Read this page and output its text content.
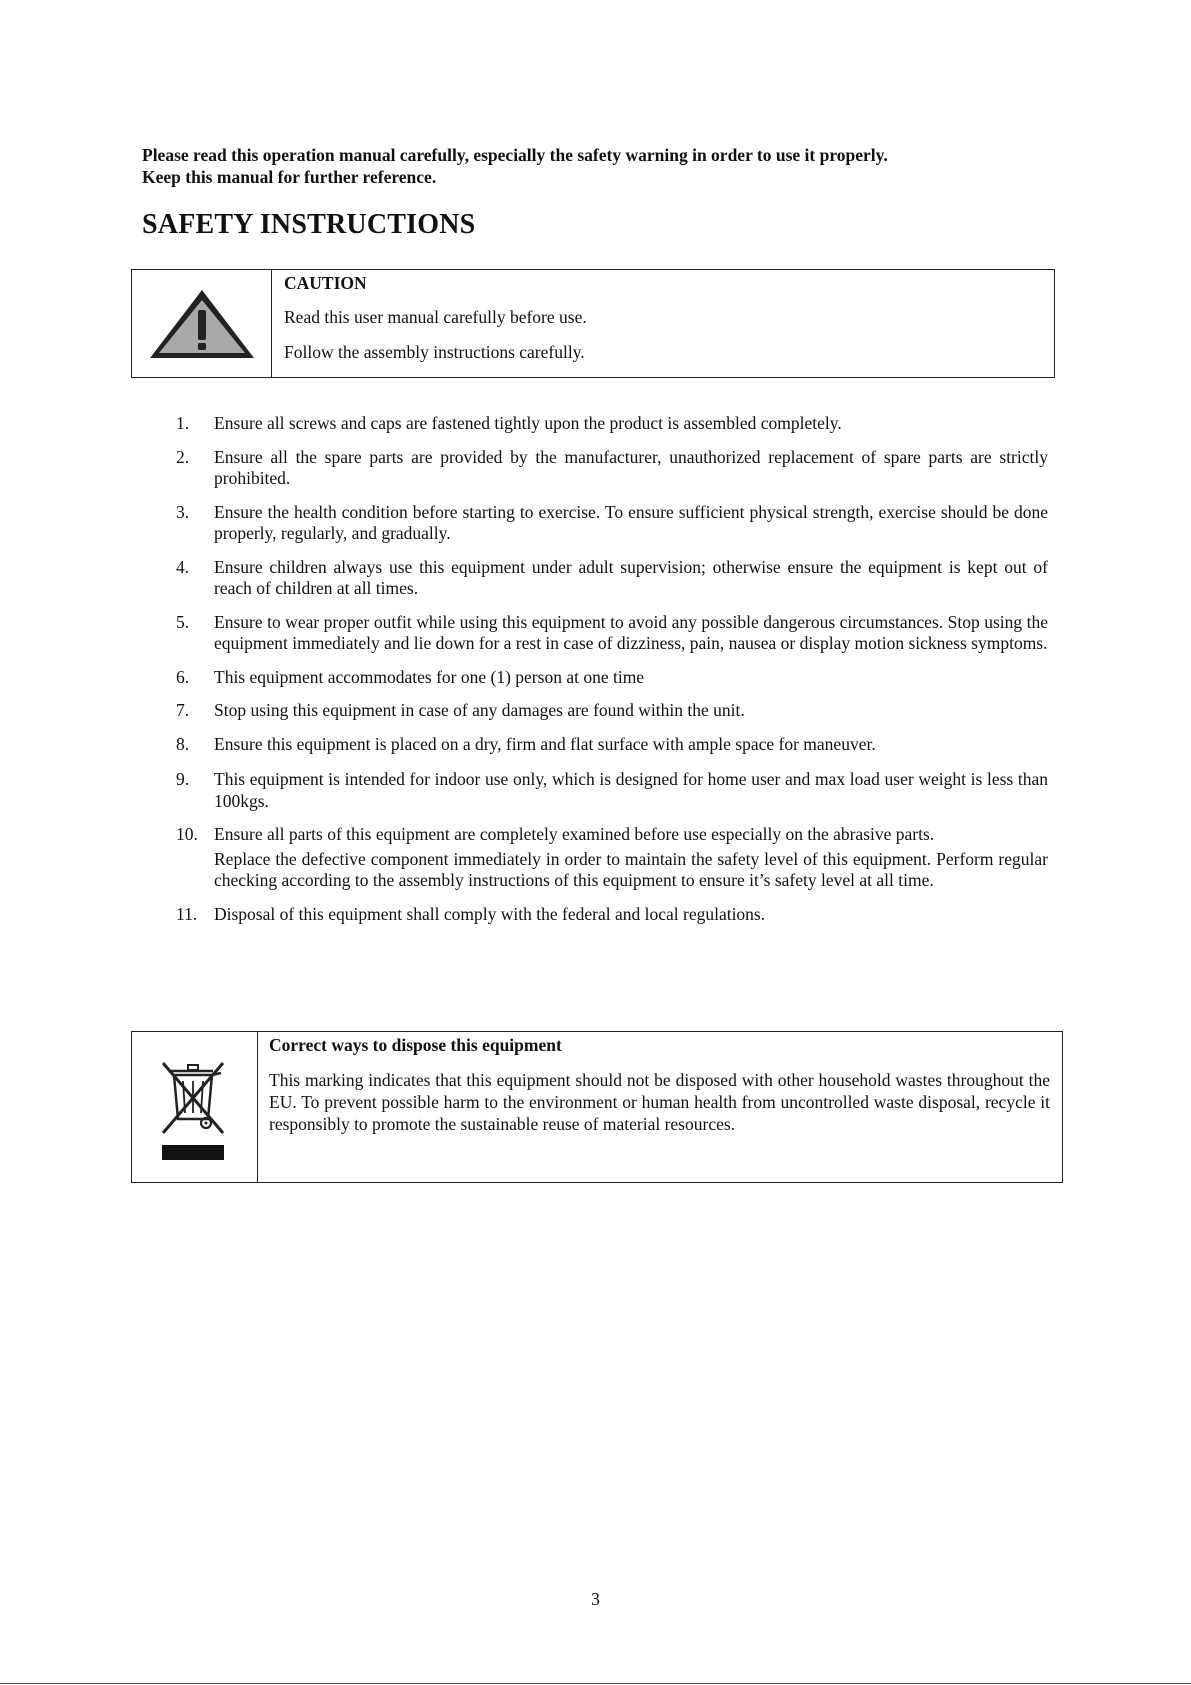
Please read this operation manual carefully, especially the safety warning in order to use it properly.

Keep this manual for further reference.

SAFETY INSTRUCTIONS

CAUTION

Read this user manual carefully before use.

Follow the assembly instructions carefully.

1. Ensure all screws and caps are fastened tightly upon the product is assembled completely.
2. Ensure all the spare parts are provided by the manufacturer, unauthorized replacement of spare parts are strictly prohibited.
3. Ensure the health condition before starting to exercise. To ensure sufficient physical strength, exercise should be done properly, regularly, and gradually.
4. Ensure children always use this equipment under adult supervision; otherwise ensure the equipment is kept out of reach of children at all times.
5. Ensure to wear proper outfit while using this equipment to avoid any possible dangerous circumstances. Stop using the equipment immediately and lie down for a rest in case of dizziness, pain, nausea or display motion sickness symptoms.
6. This equipment accommodates for one (1) person at one time
7. Stop using this equipment in case of any damages are found within the unit.
8. Ensure this equipment is placed on a dry, firm and flat surface with ample space for maneuver.
9. This equipment is intended for indoor use only, which is designed for home user and max load user weight is less than 100kgs.
10. Ensure all parts of this equipment are completely examined before use especially on the abrasive parts.
Replace the defective component immediately in order to maintain the safety level of this equipment. Perform regular checking according to the assembly instructions of this equipment to ensure it’s safety level at all time.
11. Disposal of this equipment shall comply with the federal and local regulations.

Correct ways to dispose this equipment

This marking indicates that this equipment should not be disposed with other household wastes throughout the EU. To prevent possible harm to the environment or human health from uncontrolled waste disposal, recycle it responsibly to promote the sustainable reuse of material resources.

3
